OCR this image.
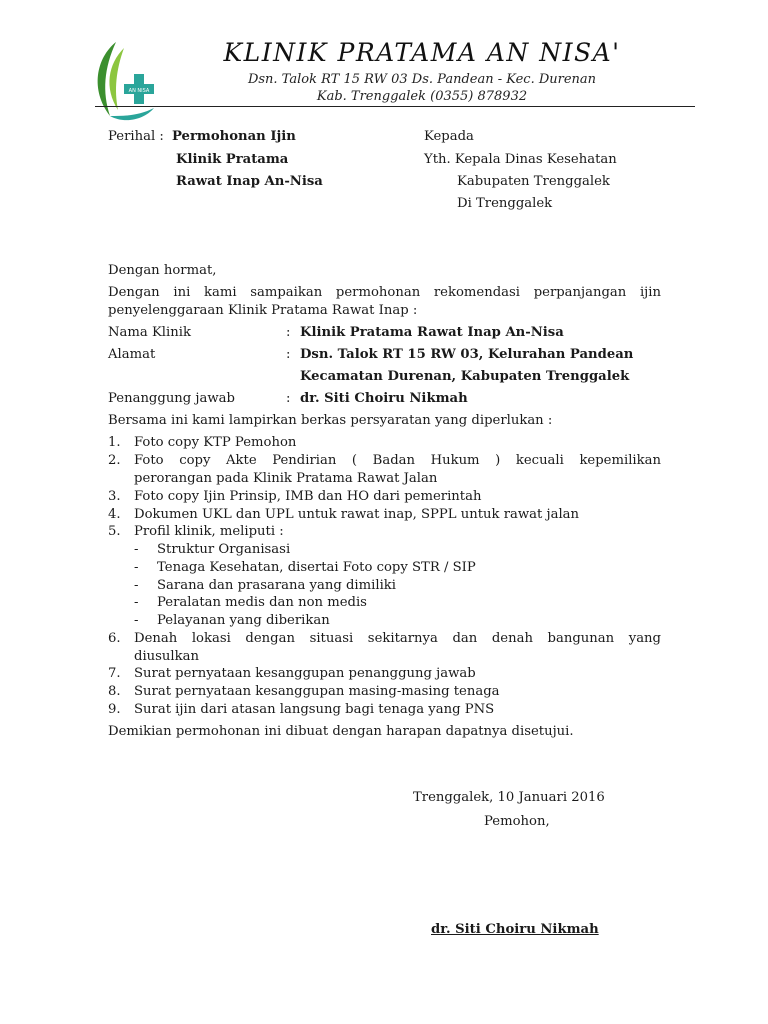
AN NISA
KLINIK PRATAMA AN NISA'
Dsn. Talok RT 15 RW 03 Ds. Pandean - Kec. Durenan
Kab. Trenggalek (0355) 878932
Perihal : Permohonan Ijin
Klinik Pratama
Rawat Inap An-Nisa
Kepada
Yth. Kepala Dinas Kesehatan
Kabupaten Trenggalek
Di Trenggalek
Dengan hormat,
Dengan ini kami sampaikan permohonan rekomendasi perpanjangan ijin
penyelenggaraan Klinik Pratama Rawat Inap :
Nama Klinik	: Klinik Pratama Rawat Inap An-Nisa
Alamat	: Dsn. Talok RT 15 RW 03, Kelurahan Pandean
Kecamatan Durenan, Kabupaten Trenggalek
Penanggung jawab	: dr. Siti Choiru Nikmah
Bersama ini kami lampirkan berkas persyaratan yang diperlukan :
1. Foto copy KTP Pemohon
2. Foto copy Akte Pendirian ( Badan Hukum ) kecuali kepemilikan
perorangan pada Klinik Pratama Rawat Jalan
3. Foto copy Ijin Prinsip, IMB dan HO dari pemerintah
4. Dokumen UKL dan UPL untuk rawat inap, SPPL untuk rawat jalan
5. Profil klinik, meliputi :
- Struktur Organisasi
- Tenaga Kesehatan, disertai Foto copy STR / SIP
- Sarana dan prasarana yang dimiliki
- Peralatan medis dan non medis
- Pelayanan yang diberikan
6. Denah lokasi dengan situasi sekitarnya dan denah bangunan yang
diusulkan
7. Surat pernyataan kesanggupan penanggung jawab
8. Surat pernyataan kesanggupan masing-masing tenaga
9. Surat ijin dari atasan langsung bagi tenaga yang PNS
Demikian permohonan ini dibuat dengan harapan dapatnya disetujui.
Trenggalek, 10 Januari 2016
Pemohon,
dr. Siti Choiru Nikmah
